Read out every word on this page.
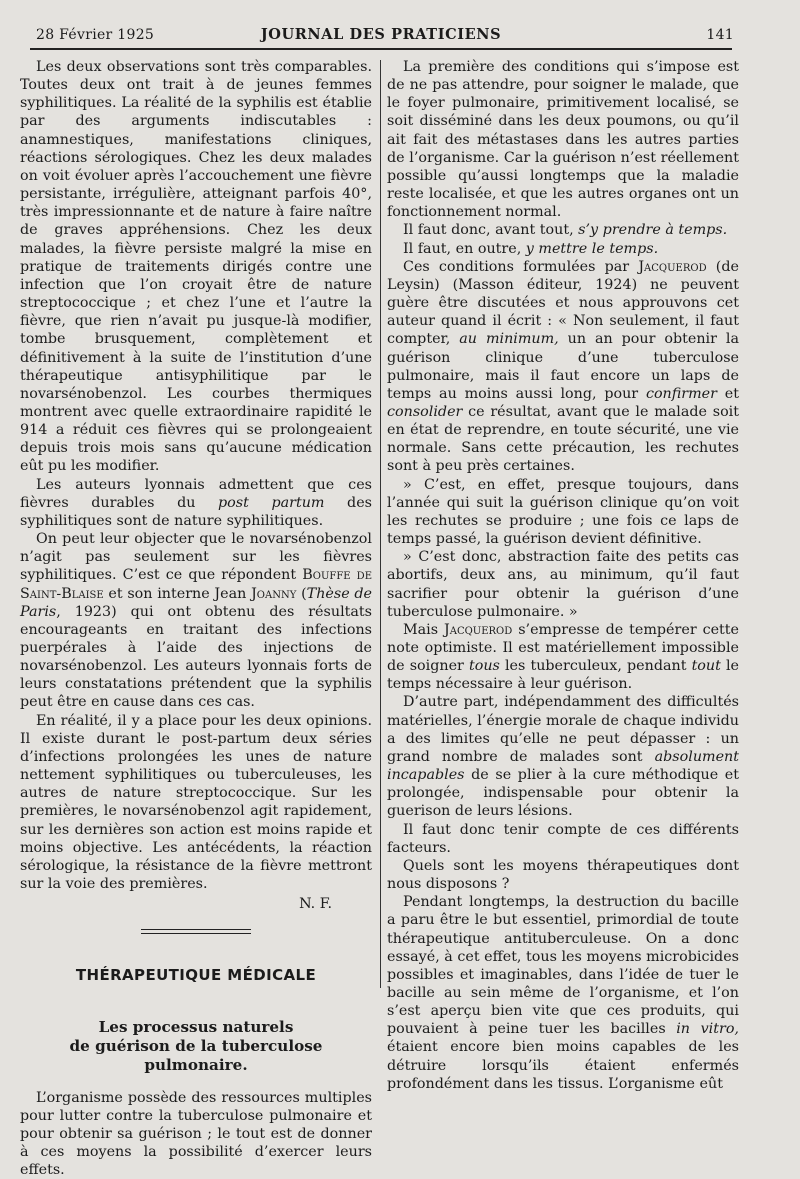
28 Février 1925	JOURNAL DES PRATICIENS	141

Les deux observations sont très comparables. Toutes deux ont trait à de jeunes femmes syphilitiques. La réalité de la syphilis est établie par des arguments indiscutables : anamnestiques, manifestations cliniques, réactions sérologiques. Chez les deux malades on voit évoluer après l’accouchement une fièvre persistante, irrégulière, atteignant parfois 40°, très impressionnante et de nature à faire naître de graves appréhensions. Chez les deux malades, la fièvre persiste malgré la mise en pratique de traitements dirigés contre une infection que l’on croyait être de nature streptococcique ; et chez l’une et l’autre la fièvre, que rien n’avait pu jusque-là modifier, tombe brusquement, complètement et définitivement à la suite de l’institution d’une thérapeutique antisyphilitique par le novarsénobenzol. Les courbes thermiques montrent avec quelle extraordinaire rapidité le 914 a réduit ces fièvres qui se prolongeaient depuis trois mois sans qu’aucune médication eût pu les modifier.

Les auteurs lyonnais admettent que ces fièvres durables du post partum des syphilitiques sont de nature syphilitiques.

On peut leur objecter que le novarsénobenzol n’agit pas seulement sur les fièvres syphilitiques. C’est ce que répondent Bouffe de Saint-Blaise et son interne Jean Joanny (Thèse de Paris, 1923) qui ont obtenu des résultats encourageants en traitant des infections puerpérales à l’aide des injections de novarsénobenzol. Les auteurs lyonnais forts de leurs constatations prétendent que la syphilis peut être en cause dans ces cas.

En réalité, il y a place pour les deux opinions. Il existe durant le post-partum deux séries d’infections prolongées les unes de nature nettement syphilitiques ou tuberculeuses, les autres de nature streptococcique. Sur les premières, le novarsénobenzol agit rapidement, sur les dernières son action est moins rapide et moins objective. Les antécédents, la réaction sérologique, la résistance de la fièvre mettront sur la voie des premières.

N. F.

THÉRAPEUTIQUE MÉDICALE

Les processus naturels
de guérison de la tuberculose pulmonaire.

L’organisme possède des ressources multiples pour lutter contre la tuberculose pulmonaire et pour obtenir sa guérison ; le tout est de donner à ces moyens la possibilité d’exercer leurs effets.

La première des conditions qui s’impose est de ne pas attendre, pour soigner le malade, que le foyer pulmonaire, primitivement localisé, se soit disséminé dans les deux poumons, ou qu’il ait fait des métastases dans les autres parties de l’organisme. Car la guérison n’est réellement possible qu’aussi longtemps que la maladie reste localisée, et que les autres organes ont un fonctionnement normal.

Il faut donc, avant tout, s’y prendre à temps.

Il faut, en outre, y mettre le temps.

Ces conditions formulées par Jacquerod (de Leysin) (Masson éditeur, 1924) ne peuvent guère être discutées et nous approuvons cet auteur quand il écrit : « Non seulement, il faut compter, au minimum, un an pour obtenir la guérison clinique d’une tuberculose pulmonaire, mais il faut encore un laps de temps au moins aussi long, pour confirmer et consolider ce résultat, avant que le malade soit en état de reprendre, en toute sécurité, une vie normale. Sans cette précaution, les rechutes sont à peu près certaines.

» C’est, en effet, presque toujours, dans l’année qui suit la guérison clinique qu’on voit les rechutes se produire ; une fois ce laps de temps passé, la guérison devient définitive.

» C’est donc, abstraction faite des petits cas abortifs, deux ans, au minimum, qu’il faut sacrifier pour obtenir la guérison d’une tuberculose pulmonaire. »

Mais Jacquerod s’empresse de tempérer cette note optimiste. Il est matériellement impossible de soigner tous les tuberculeux, pendant tout le temps nécessaire à leur guérison.

D’autre part, indépendamment des difficultés matérielles, l’énergie morale de chaque individu a des limites qu’elle ne peut dépasser : un grand nombre de malades sont absolument incapables de se plier à la cure méthodique et prolongée, indispensable pour obtenir la guerison de leurs lésions.

Il faut donc tenir compte de ces différents facteurs.

Quels sont les moyens thérapeutiques dont nous disposons ?

Pendant longtemps, la destruction du bacille a paru être le but essentiel, primordial de toute thérapeutique antituberculeuse. On a donc essayé, à cet effet, tous les moyens microbicides possibles et imaginables, dans l’idée de tuer le bacille au sein même de l’organisme, et l’on s’est aperçu bien vite que ces produits, qui pouvaient à peine tuer les bacilles in vitro, étaient encore bien moins capables de les détruire lorsqu’ils étaient enfermés profondément dans les tissus. L’organisme eût
